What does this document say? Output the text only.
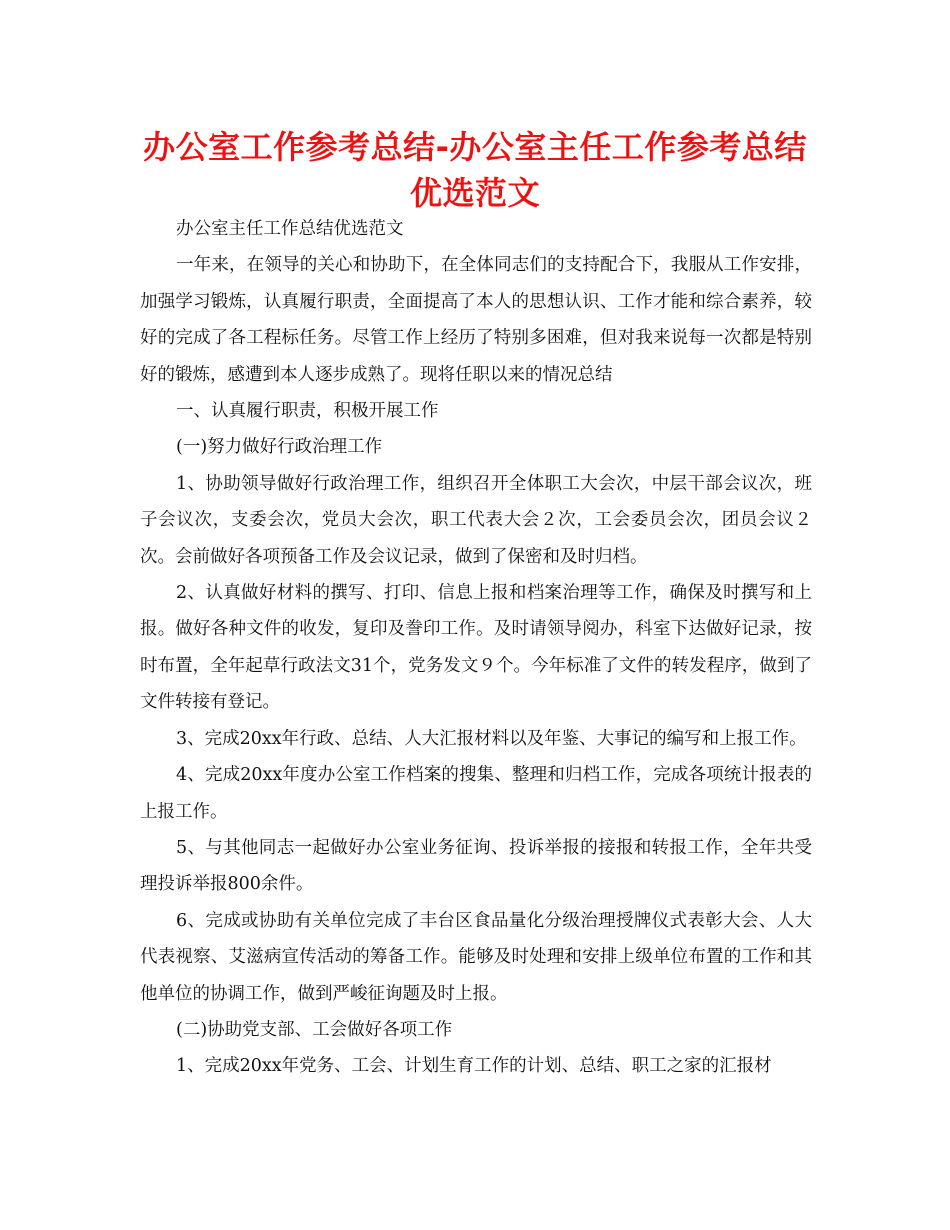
办公室工作参考总结-办公室主任工作参考总结优选范文

办公室主任工作总结优选范文

一年来，在领导的关心和协助下，在全体同志们的支持配合下，我服从工作安排，加强学习锻炼，认真履行职责，全面提高了本人的思想认识、工作才能和综合素养，较好的完成了各工程标任务。尽管工作上经历了特别多困难，但对我来说每一次都是特别好的锻炼，感遭到本人逐步成熟了。现将任职以来的情况总结

一、认真履行职责，积极开展工作

(一)努力做好行政治理工作

1、协助领导做好行政治理工作，组织召开全体职工大会次，中层干部会议次，班子会议次，支委会次，党员大会次，职工代表大会２次，工会委员会次，团员会议２次。会前做好各项预备工作及会议记录，做到了保密和及时归档。

2、认真做好材料的撰写、打印、信息上报和档案治理等工作，确保及时撰写和上报。做好各种文件的收发，复印及誊印工作。及时请领导阅办，科室下达做好记录，按时布置，全年起草行政法文31个，党务发文９个。今年标准了文件的转发程序，做到了文件转接有登记。

3、完成20xx年行政、总结、人大汇报材料以及年鉴、大事记的编写和上报工作。

4、完成20xx年度办公室工作档案的搜集、整理和归档工作，完成各项统计报表的上报工作。

5、与其他同志一起做好办公室业务征询、投诉举报的接报和转报工作，全年共受理投诉举报800余件。

6、完成或协助有关单位完成了丰台区食品量化分级治理授牌仪式表彰大会、人大代表视察、艾滋病宣传活动的筹备工作。能够及时处理和安排上级单位布置的工作和其他单位的协调工作，做到严峻征询题及时上报。

(二)协助党支部、工会做好各项工作

1、完成20xx年党务、工会、计划生育工作的计划、总结、职工之家的汇报材
